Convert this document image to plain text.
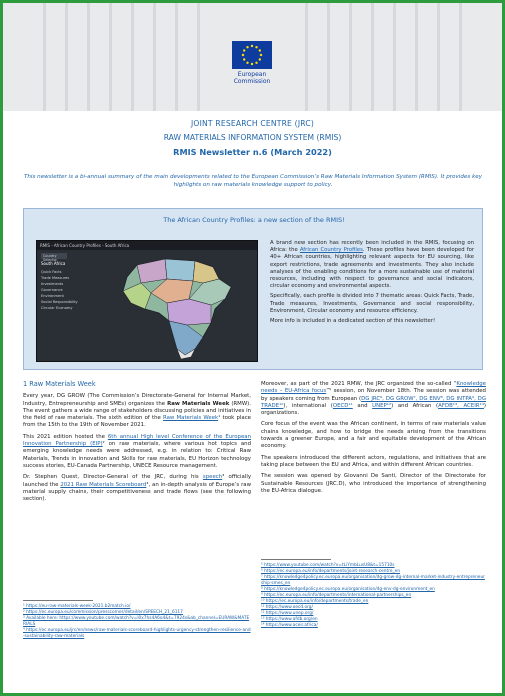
European
Commission
JOINT RESEARCH CENTRE (JRC)
RAW MATERIALS INFORMATION SYSTEM (RMIS)
RMIS Newsletter n.6 (March 2022)
This newsletter is a bi-annual summary of the main developments related to the European Commission’s Raw Materials Information System (RMIS). It provides key highlights on raw materials knowledge support to policy.
The African Country Profiles: a new section of the RMIS!
RMIS - African Country Profiles - South Africa
Country Selector
South Africa
Quick Facts
Trade Measures
Investments
Governance
Environment
Social Responsibility
Circular Economy

A brand new section has recently been included in the RMIS, focusing on Africa: the African Country Profiles. These profiles have been developed for 40+ African countries, highlighting relevant aspects for EU sourcing, like export restrictions, trade agreements and investments. They also include analyses of the enabling conditions for a more sustainable use of material resources, including with respect to governance and social indicators, circular economy and environmental aspects.

Specifically, each profile is divided into 7 thematic areas: Quick Facts, Trade, Trade measures, Investments, Governance and social responsibility, Environment, Circular economy and resource efficiency.

More info is included in a dedicated section of this newsletter!

1 Raw Materials Week

Every year, DG GROW (The Commission’s Directorate-General for Internal Market, Industry, Entrepreneurship and SMEs) organizes the Raw Materials Week (RMW). The event gathers a wide range of stakeholders discussing policies and initiatives in the field of raw materials. The sixth edition of the Raw Materials Week¹ took place from the 15th to the 19th of November 2021.

This 2021 edition hosted the 6th annual High level Conference of the European Innovation Partnership (EIP)² on raw materials, where various hot topics and emerging knowledge needs were addressed, e.g. in relation to: Critical Raw Materials, Trends in innovation and Skills for raw materials, EU Horizon technology success stories, EU-Canada Partnership, UNECE Resource management.

Dr. Stephen Quest, Director-General of the JRC, during his speech³ officially launched the 2021 Raw Materials Scoreboard⁴, an in-depth analysis of Europe’s raw material supply chains, their competitiveness and trade flows (see the following section).

Moreover, as part of the 2021 RMW, the JRC organized the so-called “Knowledge needs – EU-Africa focus”⁵ session, on November 18th. The session was attended by speakers coming from European (DG JRC⁶, DG GROW⁷, DG ENV⁸, DG INTPA⁹, DG TRADE¹⁰), international (OECD¹¹ and UNEP¹²) and African (AFDB¹³, ACEIR¹⁴) organizations.

Core focus of the event was the African continent, in terms of raw materials value chains knowledge, and how to bridge the needs arising from the transitions towards a greener Europe, and a fair and equitable development of the African economy.

The speakers introduced the different actors, regulations, and initiatives that are taking place between the EU and Africa, and within different African countries.

The session was opened by Giovanni De Santi, Director of the Directorate for Sustainable Resources (JRC.D), who introduced the importance of strengthening the EU-Africa dialogue.

¹ https://eu-raw-materials-week-2021.b2match.io/
² https://ec.europa.eu/commission/presscorner/detail/en/SPEECH_21_6117
³ Available here: https://www.youtube.com/watch?v=l0x7hs4A6o4&t=7924s&ab_channel=EURAW&MATERIALS
⁴ https://ec.europa.eu/jrc/en/news/raw-materials-scoreboard-highlights-urgency-strengthen-resilience-and-sustainability-raw-materials
⁵ https://www.youtube.com/watch?v=tLiYmbLusU8&t=15710s
⁶ https://ec.europa.eu/info/departments/joint-research-centre_en
⁷ https://knowledge4policy.ec.europa.eu/organisation/dg-grow-dg-internal-market-industry-entrepreneurship-smes_en
⁸ https://knowledge4policy.ec.europa.eu/organisation/dg-env-dg-environment_en
⁹ https://ec.europa.eu/info/departments/international-partnerships_en
¹⁰ https://ec.europa.eu/info/departments/trade_en
¹¹ https://www.oecd.org/
¹² https://www.unep.org/
¹³ https://www.afdb.org/en
¹⁴ https://www.aceir.africa/
